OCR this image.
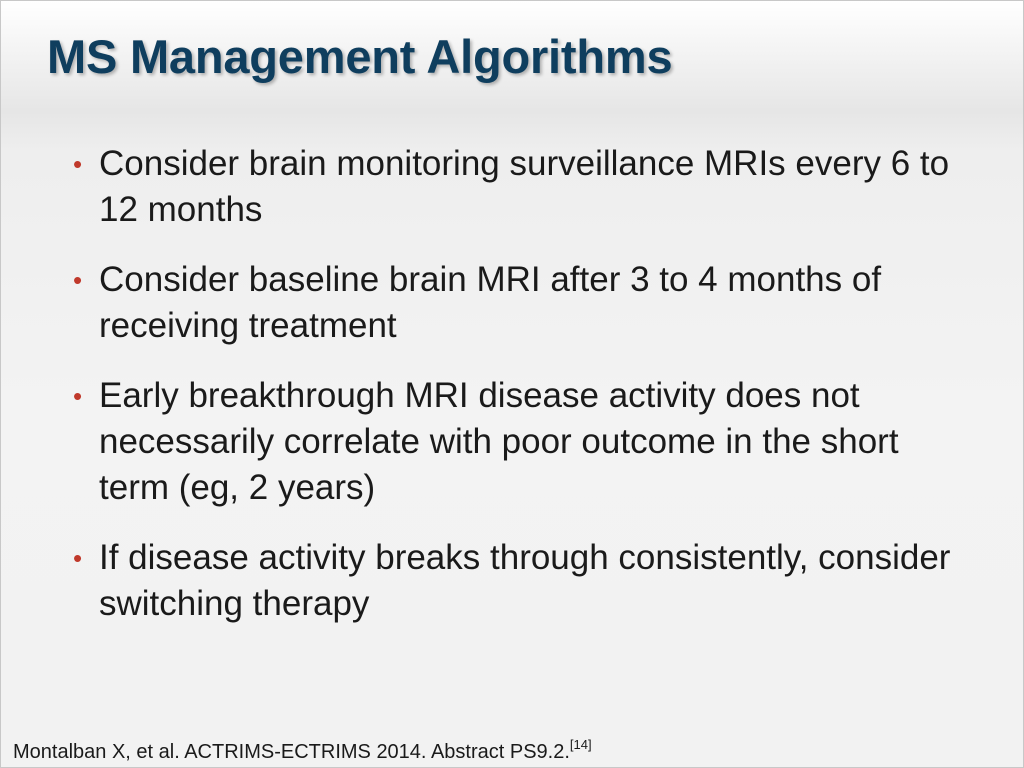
MS Management Algorithms
• Consider brain monitoring surveillance MRIs every 6 to 12 months
• Consider baseline brain MRI after 3 to 4 months of receiving treatment
• Early breakthrough MRI disease activity does not necessarily correlate with poor outcome in the short term (eg, 2 years)
• If disease activity breaks through consistently, consider switching therapy
Montalban X, et al. ACTRIMS-ECTRIMS 2014. Abstract PS9.2.[14]
